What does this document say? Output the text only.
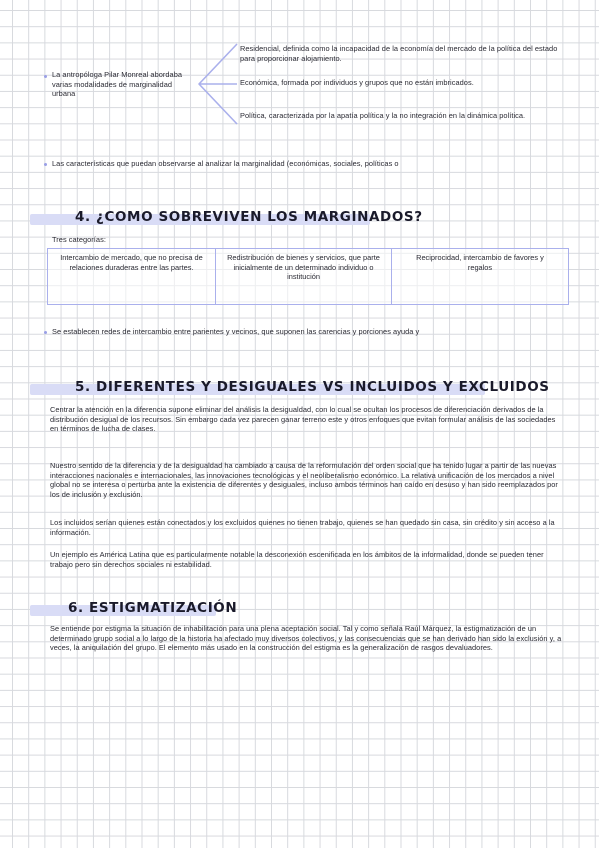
La antropóloga Pilar Monreal abordaba varias modalidades de marginalidad urbana
Residencial, definida como la incapacidad de la economía del mercado de la política del estado para proporcionar alojamiento.
Económica, formada por individuos y grupos que no están imbricados.
Política, caracterizada por la apatía política y la no integración en la dinámica política.
Las características que puedan observarse al analizar la marginalidad (económicas, sociales, políticas o
4. ¿COMO SOBREVIVEN LOS MARGINADOS?
Tres categorías:
Intercambio de mercado, que no precisa de relaciones duraderas entre las partes.
Redistribución de bienes y servicios, que parte inicialmente de un determinado individuo o institución
Reciprocidad, intercambio de favores y regalos
Se establecen redes de intercambio entre parientes y vecinos, que suponen las carencias y porciones ayuda y
5. DIFERENTES Y DESIGUALES VS INCLUIDOS Y EXCLUIDOS
Centrar la atención en la diferencia supone eliminar del análisis la desigualdad, con lo cual se ocultan los procesos de diferenciación derivados de la distribución desigual de los recursos. Sin embargo cada vez parecen ganar terreno este y otros enfoques que evitan formular análisis de las sociedades en términos de lucha de clases.
Nuestro sentido de la diferencia y de la desigualdad ha cambiado a causa de la reformulación del orden social que ha tenido lugar a partir de las nuevas interacciones nacionales e internacionales, las innovaciones tecnológicas y el neoliberalismo económico. La relativa unificación de los mercados a nivel global no se interesa o perturba ante la existencia de diferentes y desiguales, incluso ambos términos han caído en desuso y han sido reemplazados por los de inclusión y exclusión.
Los incluidos serían quienes están conectados y los excluidos quienes no tienen trabajo, quienes se han quedado sin casa, sin crédito y sin acceso a la información.
Un ejemplo es América Latina que es particularmente notable la desconexión escenificada en los ámbitos de la informalidad, donde se pueden tener trabajo pero sin derechos sociales ni estabilidad.
6. ESTIGMATIZACIÓN
Se entiende por estigma la situación de inhabilitación para una plena aceptación social. Tal y como señala Raúl Márquez, la estigmatización de un determinado grupo social a lo largo de la historia ha afectado muy diversos colectivos, y las consecuencias que se han derivado han sido la exclusión y, a veces, la aniquilación del grupo. El elemento más usado en la construcción del estigma es la generalización de rasgos devaluadores.
